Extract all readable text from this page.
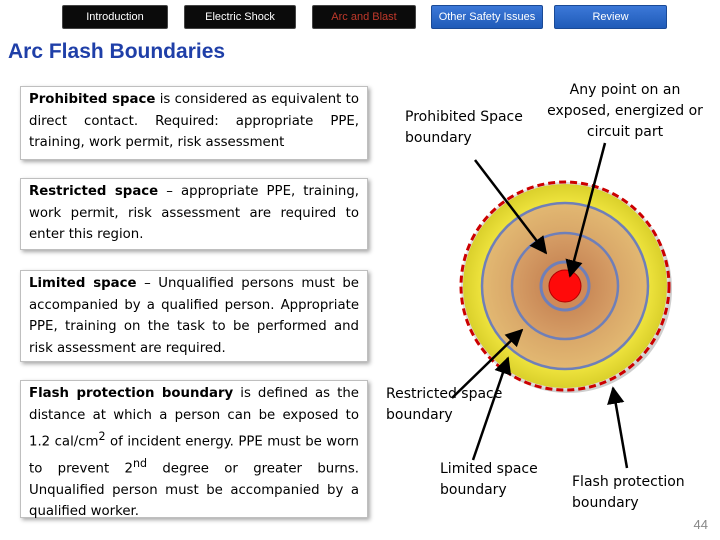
Introduction	Electric Shock	Arc and Blast	Other Safety Issues	Review
Arc Flash Boundaries
Prohibited space is considered as equivalent to direct contact. Required: appropriate PPE, training, work permit, risk assessment
Restricted space – appropriate PPE, training, work permit, risk assessment are required to enter this region.
Limited space – Unqualified persons must be accompanied by a qualified person. Appropriate PPE, training on the task to be performed and risk assessment are required.
Flash protection boundary is defined as the distance at which a person can be exposed to 1.2 cal/$cm^2$ of incident energy. PPE must be worn to prevent 2nd degree or greater burns. Unqualified person must be accompanied by a qualified worker.
Prohibited Space boundary
Any point on an exposed, energized or circuit part
Restricted space boundary
Limited space boundary	Flash protection boundary
44
